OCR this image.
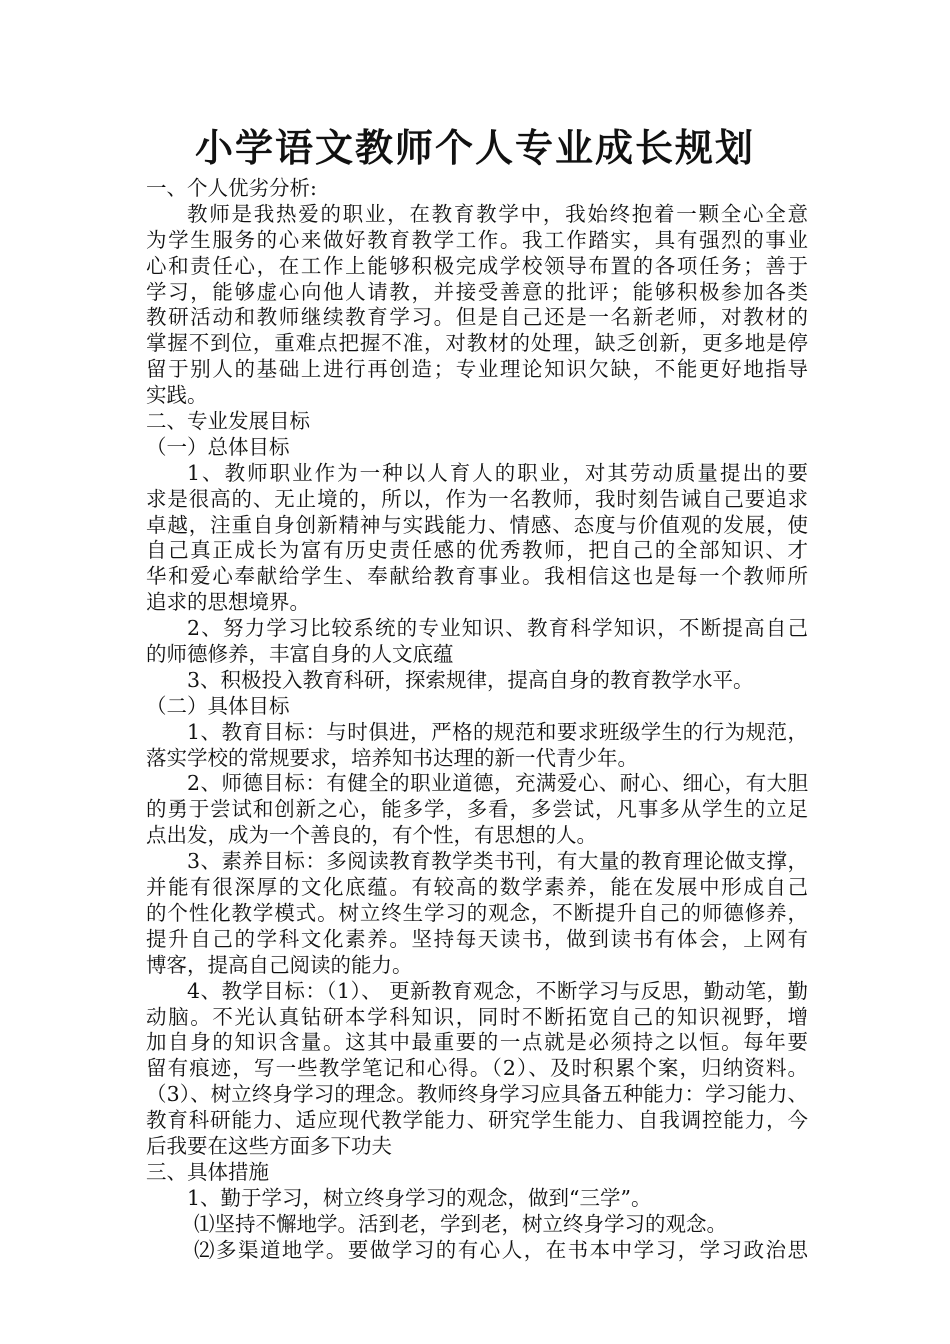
小学语文教师个人专业成长规划
一、个人优劣分析:
教师是我热爱的职业，在教育教学中，我始终抱着一颗全心全意
为学生服务的心来做好教育教学工作。我工作踏实，具有强烈的事业
心和责任心，在工作上能够积极完成学校领导布置的各项任务；善于
学习，能够虚心向他人请教，并接受善意的批评；能够积极参加各类
教研活动和教师继续教育学习。但是自己还是一名新老师，对教材的
掌握不到位，重难点把握不准，对教材的处理，缺乏创新，更多地是停
留于别人的基础上进行再创造；专业理论知识欠缺，不能更好地指导
实践。
二、专业发展目标
（一）总体目标
1、教师职业作为一种以人育人的职业，对其劳动质量提出的要
求是很高的、无止境的，所以，作为一名教师，我时刻告诫自己要追求
卓越，注重自身创新精神与实践能力、情感、态度与价值观的发展，使
自己真正成长为富有历史责任感的优秀教师，把自己的全部知识、才
华和爱心奉献给学生、奉献给教育事业。我相信这也是每一个教师所
追求的思想境界。
2、努力学习比较系统的专业知识、教育科学知识，不断提高自己
的师德修养，丰富自身的人文底蕴
3、积极投入教育科研，探索规律，提高自身的教育教学水平。
（二）具体目标
1、教育目标：与时俱进，严格的规范和要求班级学生的行为规范，
落实学校的常规要求，培养知书达理的新一代青少年。
2、师德目标：有健全的职业道德，充满爱心、耐心、细心，有大胆
的勇于尝试和创新之心，能多学，多看，多尝试，凡事多从学生的立足
点出发，成为一个善良的，有个性，有思想的人。
3、素养目标：多阅读教育教学类书刊，有大量的教育理论做支撑，
并能有很深厚的文化底蕴。有较高的数学素养，能在发展中形成自己
的个性化教学模式。树立终生学习的观念，不断提升自己的师德修养，
提升自己的学科文化素养。坚持每天读书，做到读书有体会，上网有
博客，提高自己阅读的能力。
4、教学目标：（1）、 更新教育观念，不断学习与反思，勤动笔，勤
动脑。不光认真钻研本学科知识，同时不断拓宽自己的知识视野，增
加自身的知识含量。这其中最重要的一点就是必须持之以恒。每年要
留有痕迹，写一些教学笔记和心得。（2）、及时积累个案，归纳资料。
（3）、树立终身学习的理念。教师终身学习应具备五种能力：学习能力、
教育科研能力、适应现代教学能力、研究学生能力、自我调控能力，今
后我要在这些方面多下功夫
三、具体措施
1、勤于学习，树立终身学习的观念，做到“三学”。
⑴坚持不懈地学。活到老，学到老，树立终身学习的观念。
⑵多渠道地学。要做学习的有心人，在书本中学习，学习政治思
